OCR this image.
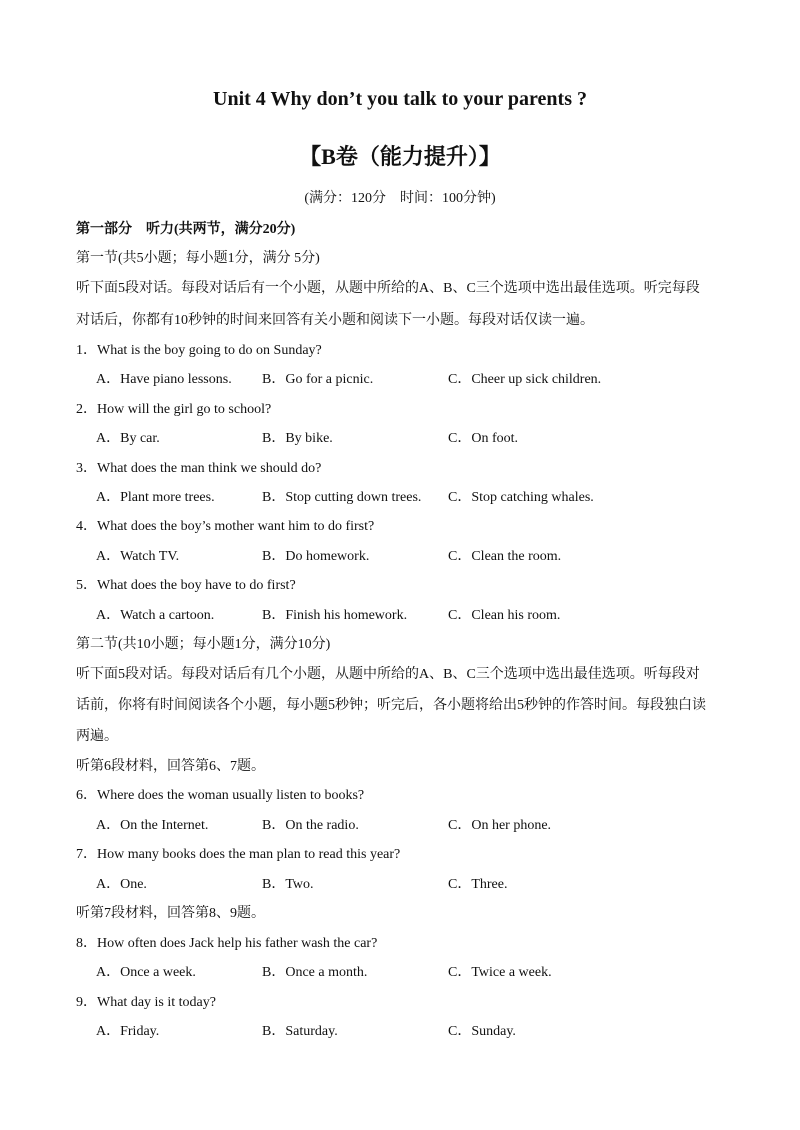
Unit 4 Why don’t you talk to your parents ?
【B卷（能力提升）】
(满分：120分　时间：100分钟)
第一部分　听力(共两节，满分20分)
第一节(共5小题；每小题1分，满分 5分)
听下面5段对话。每段对话后有一个小题，从题中所给的A、B、C三个选项中选出最佳选项。听完每段
对话后，你都有10秒钟的时间来回答有关小题和阅读下一小题。每段对话仅读一遍。
1．What is the boy going to do on Sunday?
A．Have piano lessons. B．Go for a picnic.	C．Cheer up sick children.
2．How will the girl go to school?
A．By car.	B．By bike.	C．On foot.
3．What does the man think we should do?
A．Plant more trees.	B．Stop cutting down trees. C．Stop catching whales.
4．What does the boy’s mother want him to do first?
A．Watch TV.	B．Do homework.	C．Clean the room.
5．What does the boy have to do first?
A．Watch a cartoon.	B．Finish his homework.	C．Clean his room.
第二节(共10小题；每小题1分，满分10分)
听下面5段对话。每段对话后有几个小题，从题中所给的A、B、C三个选项中选出最佳选项。听每段对
话前，你将有时间阅读各个小题，每小题5秒钟；听完后，各小题将给出5秒钟的作答时间。每段独白读
两遍。
听第6段材料，回答第6、7题。
6．Where does the woman usually listen to books?
A．On the Internet.	B．On the radio.	C．On her phone.
7．How many books does the man plan to read this year?
A．One.	B．Two.	C．Three.
听第7段材料，回答第8、9题。
8．How often does Jack help his father wash the car?
A．Once a week.	B．Once a month.	C．Twice a week.
9．What day is it today?
A．Friday.	B．Saturday.	C．Sunday.
